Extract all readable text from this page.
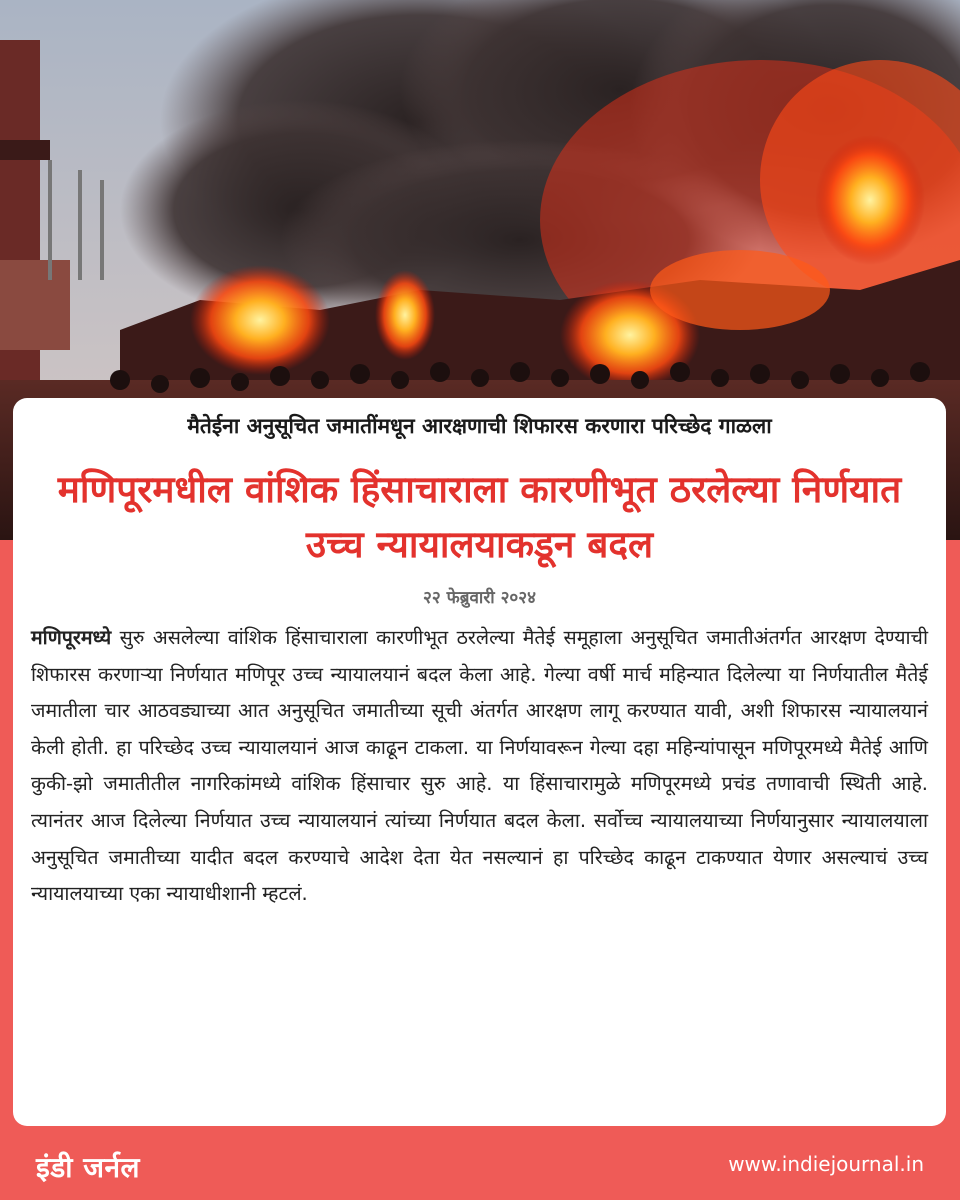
मैतेईना अनुसूचित जमातींमधून आरक्षणाची शिफारस करणारा परिच्छेद गाळला

मणिपूरमधील वांशिक हिंसाचाराला कारणीभूत ठरलेल्या निर्णयात उच्च न्यायालयाकडून बदल
२२ फेब्रुवारी २०२४

मणिपूरमध्ये सुरु असलेल्या वांशिक हिंसाचाराला कारणीभूत ठरलेल्या मैतेई समूहाला अनुसूचित जमातीअंतर्गत आरक्षण देण्याची शिफारस करणाऱ्या निर्णयात मणिपूर उच्च न्यायालयानं बदल केला आहे. गेल्या वर्षी मार्च महिन्यात दिलेल्या या निर्णयातील मैतेई जमातीला चार आठवड्याच्या आत अनुसूचित जमातीच्या सूची अंतर्गत आरक्षण लागू करण्यात यावी, अशी शिफारस न्यायालयानं केली होती. हा परिच्छेद उच्च न्यायालयानं आज काढून टाकला. या निर्णयावरून गेल्या दहा महिन्यांपासून मणिपूरमध्ये मैतेई आणि कुकी-झो जमातीतील नागरिकांमध्ये वांशिक हिंसाचार सुरु आहे. या हिंसाचारामुळे मणिपूरमध्ये प्रचंड तणावाची स्थिती आहे. त्यानंतर आज दिलेल्या निर्णयात उच्च न्यायालयानं त्यांच्या निर्णयात बदल केला. सर्वोच्च न्यायालयाच्या निर्णयानुसार न्यायालयाला अनुसूचित जमातीच्या यादीत बदल करण्याचे आदेश देता येत नसल्यानं हा परिच्छेद काढून टाकण्यात येणार असल्याचं उच्च न्यायालयाच्या एका न्यायाधीशानी म्हटलं.

इंडी जर्नल	www.indiejournal.in
